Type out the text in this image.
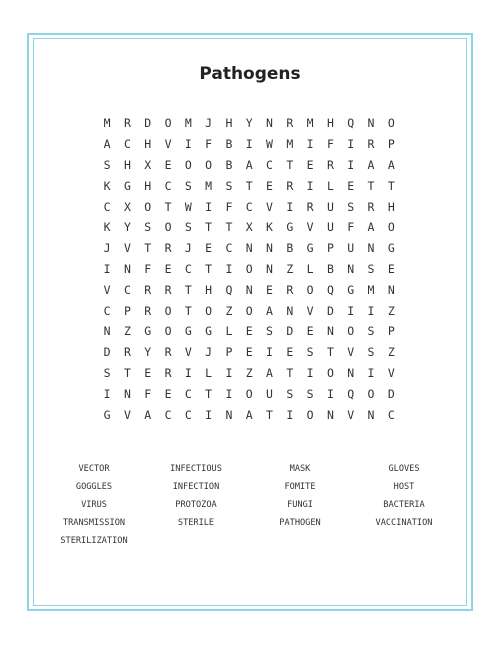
Pathogens
M	R	D	O	M	J	H	Y	N	R	M	H	Q	N	O
A	C	H	V	I	F	B	I	W	M	I	F	I	R	P
S	H	X	E	O	O	B	A	C	T	E	R	I	A	A
K	G	H	C	S	M	S	T	E	R	I	L	E	T	T
C	X	O	T	W	I	F	C	V	I	R	U	S	R	H
K	Y	S	O	S	T	T	X	K	G	V	U	F	A	O
J	V	T	R	J	E	C	N	N	B	G	P	U	N	G
I	N	F	E	C	T	I	O	N	Z	L	B	N	S	E
V	C	R	R	T	H	Q	N	E	R	O	Q	G	M	N
C	P	R	O	T	O	Z	O	A	N	V	D	I	I	Z
N	Z	G	O	G	G	L	E	S	D	E	N	O	S	P
D	R	Y	R	V	J	P	E	I	E	S	T	V	S	Z
S	T	E	R	I	L	I	Z	A	T	I	O	N	I	V
I	N	F	E	C	T	I	O	U	S	S	I	Q	O	D
G	V	A	C	C	I	N	A	T	I	O	N	V	N	C
VECTOR	INFECTIOUS	MASK	GLOVES
GOGGLES	INFECTION	FOMITE	HOST
VIRUS	PROTOZOA	FUNGI	BACTERIA
TRANSMISSION	STERILE	PATHOGEN	VACCINATION
STERILIZATION
